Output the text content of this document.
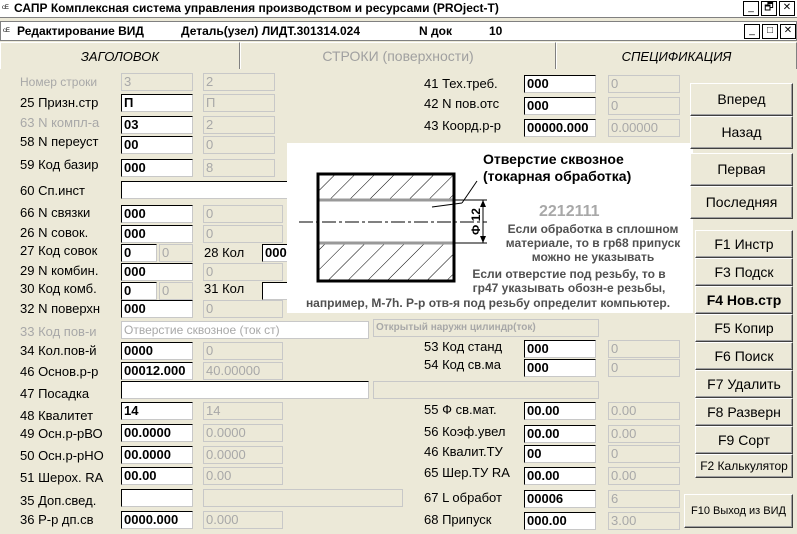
ᶜᴱ САПР Комплексная система управления производством и ресурсами (PROject-T)	_	🗗 ✕
ᶜᴱ Редактирование ВИД	Деталь(узел) ЛИДТ.301314.024	N док	10	_	□	✕
ЗАГОЛОВОК	СТРОКИ (поверхности)	СПЕЦИФИКАЦИЯ
Номер строки 3	2
25 Призн.стр П	П
63 N компл-а 03	2
58 N переуст 00	0
59 Код базир 000	8
60 Сп.инст
66 N связки	000	0
26 N совок.	000	0
27 Код совок 0	0	28 Кол 000
29 N комбин. 000	0
30 Код комб. 0	0	31 Кол
32 N поверхн 000	0
33 Код пов-и Отверстие сквозное (ток ст)	Открытый наружн цилиндр(ток)
34 Кол.пов-й 0000	0
46 Основ.р-р 00012.000	40.00000
47 Посадка
48 Квалитет 14	14
49 Осн.р-рВО 00.0000	0.0000
50 Осн.р-рНО 00.0000	0.0000
51 Шерох. RA 00.00	0.00
35 Доп.свед.
36 Р-р дп.св 0000.000	0.000
41 Тех.треб. 000	0
42 N пов.отс 000	0
43 Коорд.р-р 00000.000	0.00000
53 Код станд 000	0
54 Код св.ма 000	0
55 Ф св.мат. 00.00	0.00
56 Коэф.увел 00.00	0.00
46 Квалит.ТУ 00	0
65 Шер.ТУ RA 00.00	0.00
67 L обработ 00006	6
68 Припуск	000.00	3.00
Отверстие сквозное
(токарная обработка)
Ф 12	2212111
Если обработка в сплошном
материале, то в гр68 припуск
можно не указывать
Если отверстие под резьбу, то в
гр47 указывать обозн-е резьбы,
например, М-7h. Р-р отв-я под резьбу определит компьютер.
Вперед
Назад
Первая
Последняя
F1 Инстр
F3 Подск
F4 Нов.стр
F5 Копир
F6 Поиск
F7 Удалить
F8 Разверн
F9 Сорт
F2 Калькулятор
F10 Выход из ВИД
